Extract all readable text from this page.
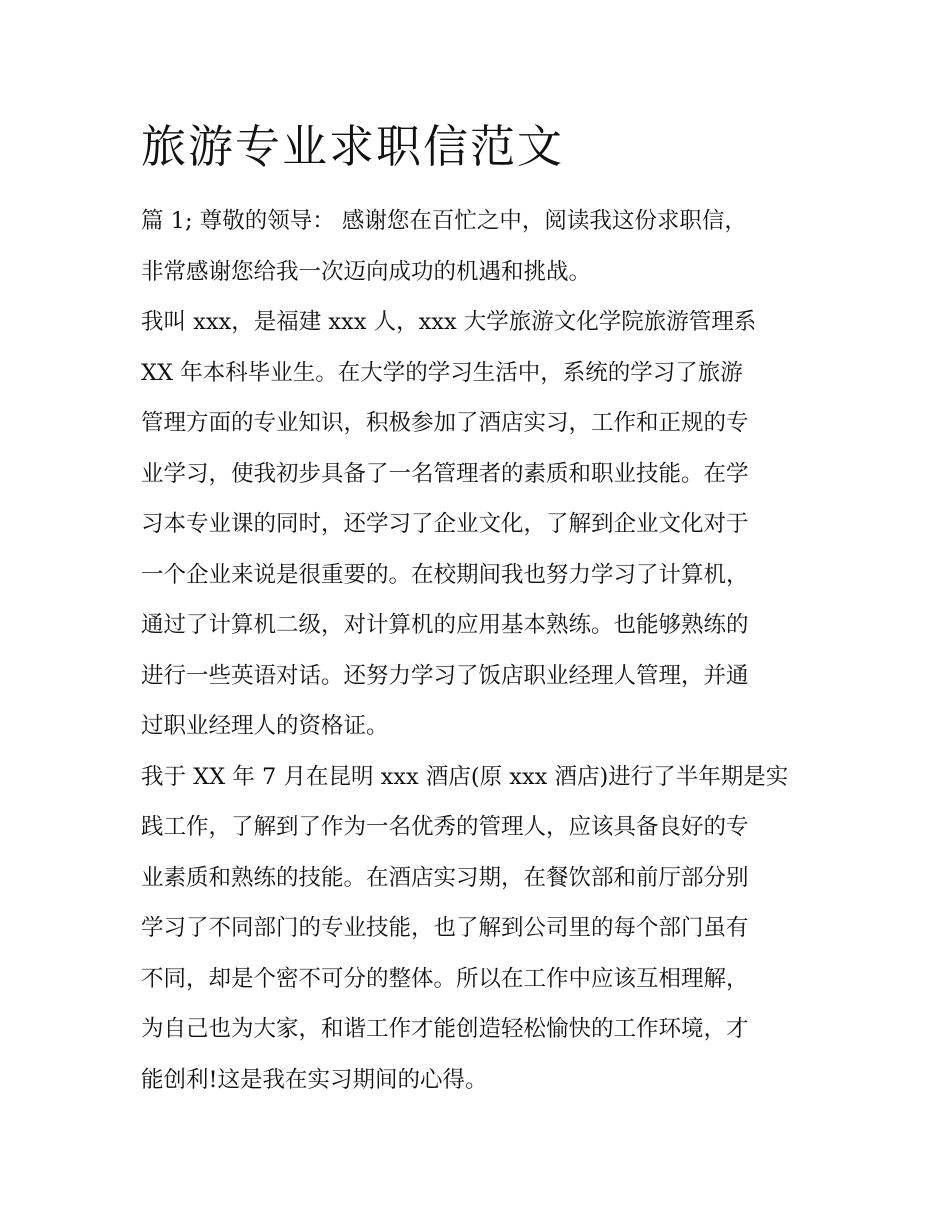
旅游专业求职信范文

篇 1; 尊敬的领导： 感谢您在百忙之中，阅读我这份求职信，
非常感谢您给我一次迈向成功的机遇和挑战。

我叫 xxx，是福建 xxx 人，xxx 大学旅游文化学院旅游管理系
XX 年本科毕业生。在大学的学习生活中，系统的学习了旅游
管理方面的专业知识，积极参加了酒店实习，工作和正规的专
业学习，使我初步具备了一名管理者的素质和职业技能。在学
习本专业课的同时，还学习了企业文化，了解到企业文化对于
一个企业来说是很重要的。在校期间我也努力学习了计算机，
通过了计算机二级，对计算机的应用基本熟练。也能够熟练的
进行一些英语对话。还努力学习了饭店职业经理人管理，并通
过职业经理人的资格证。

我于 XX 年 7 月在昆明 xxx 酒店(原 xxx 酒店)进行了半年期是实
践工作，了解到了作为一名优秀的管理人，应该具备良好的专
业素质和熟练的技能。在酒店实习期，在餐饮部和前厅部分别
学习了不同部门的专业技能，也了解到公司里的每个部门虽有
不同，却是个密不可分的整体。所以在工作中应该互相理解，
为自己也为大家，和谐工作才能创造轻松愉快的工作环境，才
能创利!这是我在实习期间的心得。
